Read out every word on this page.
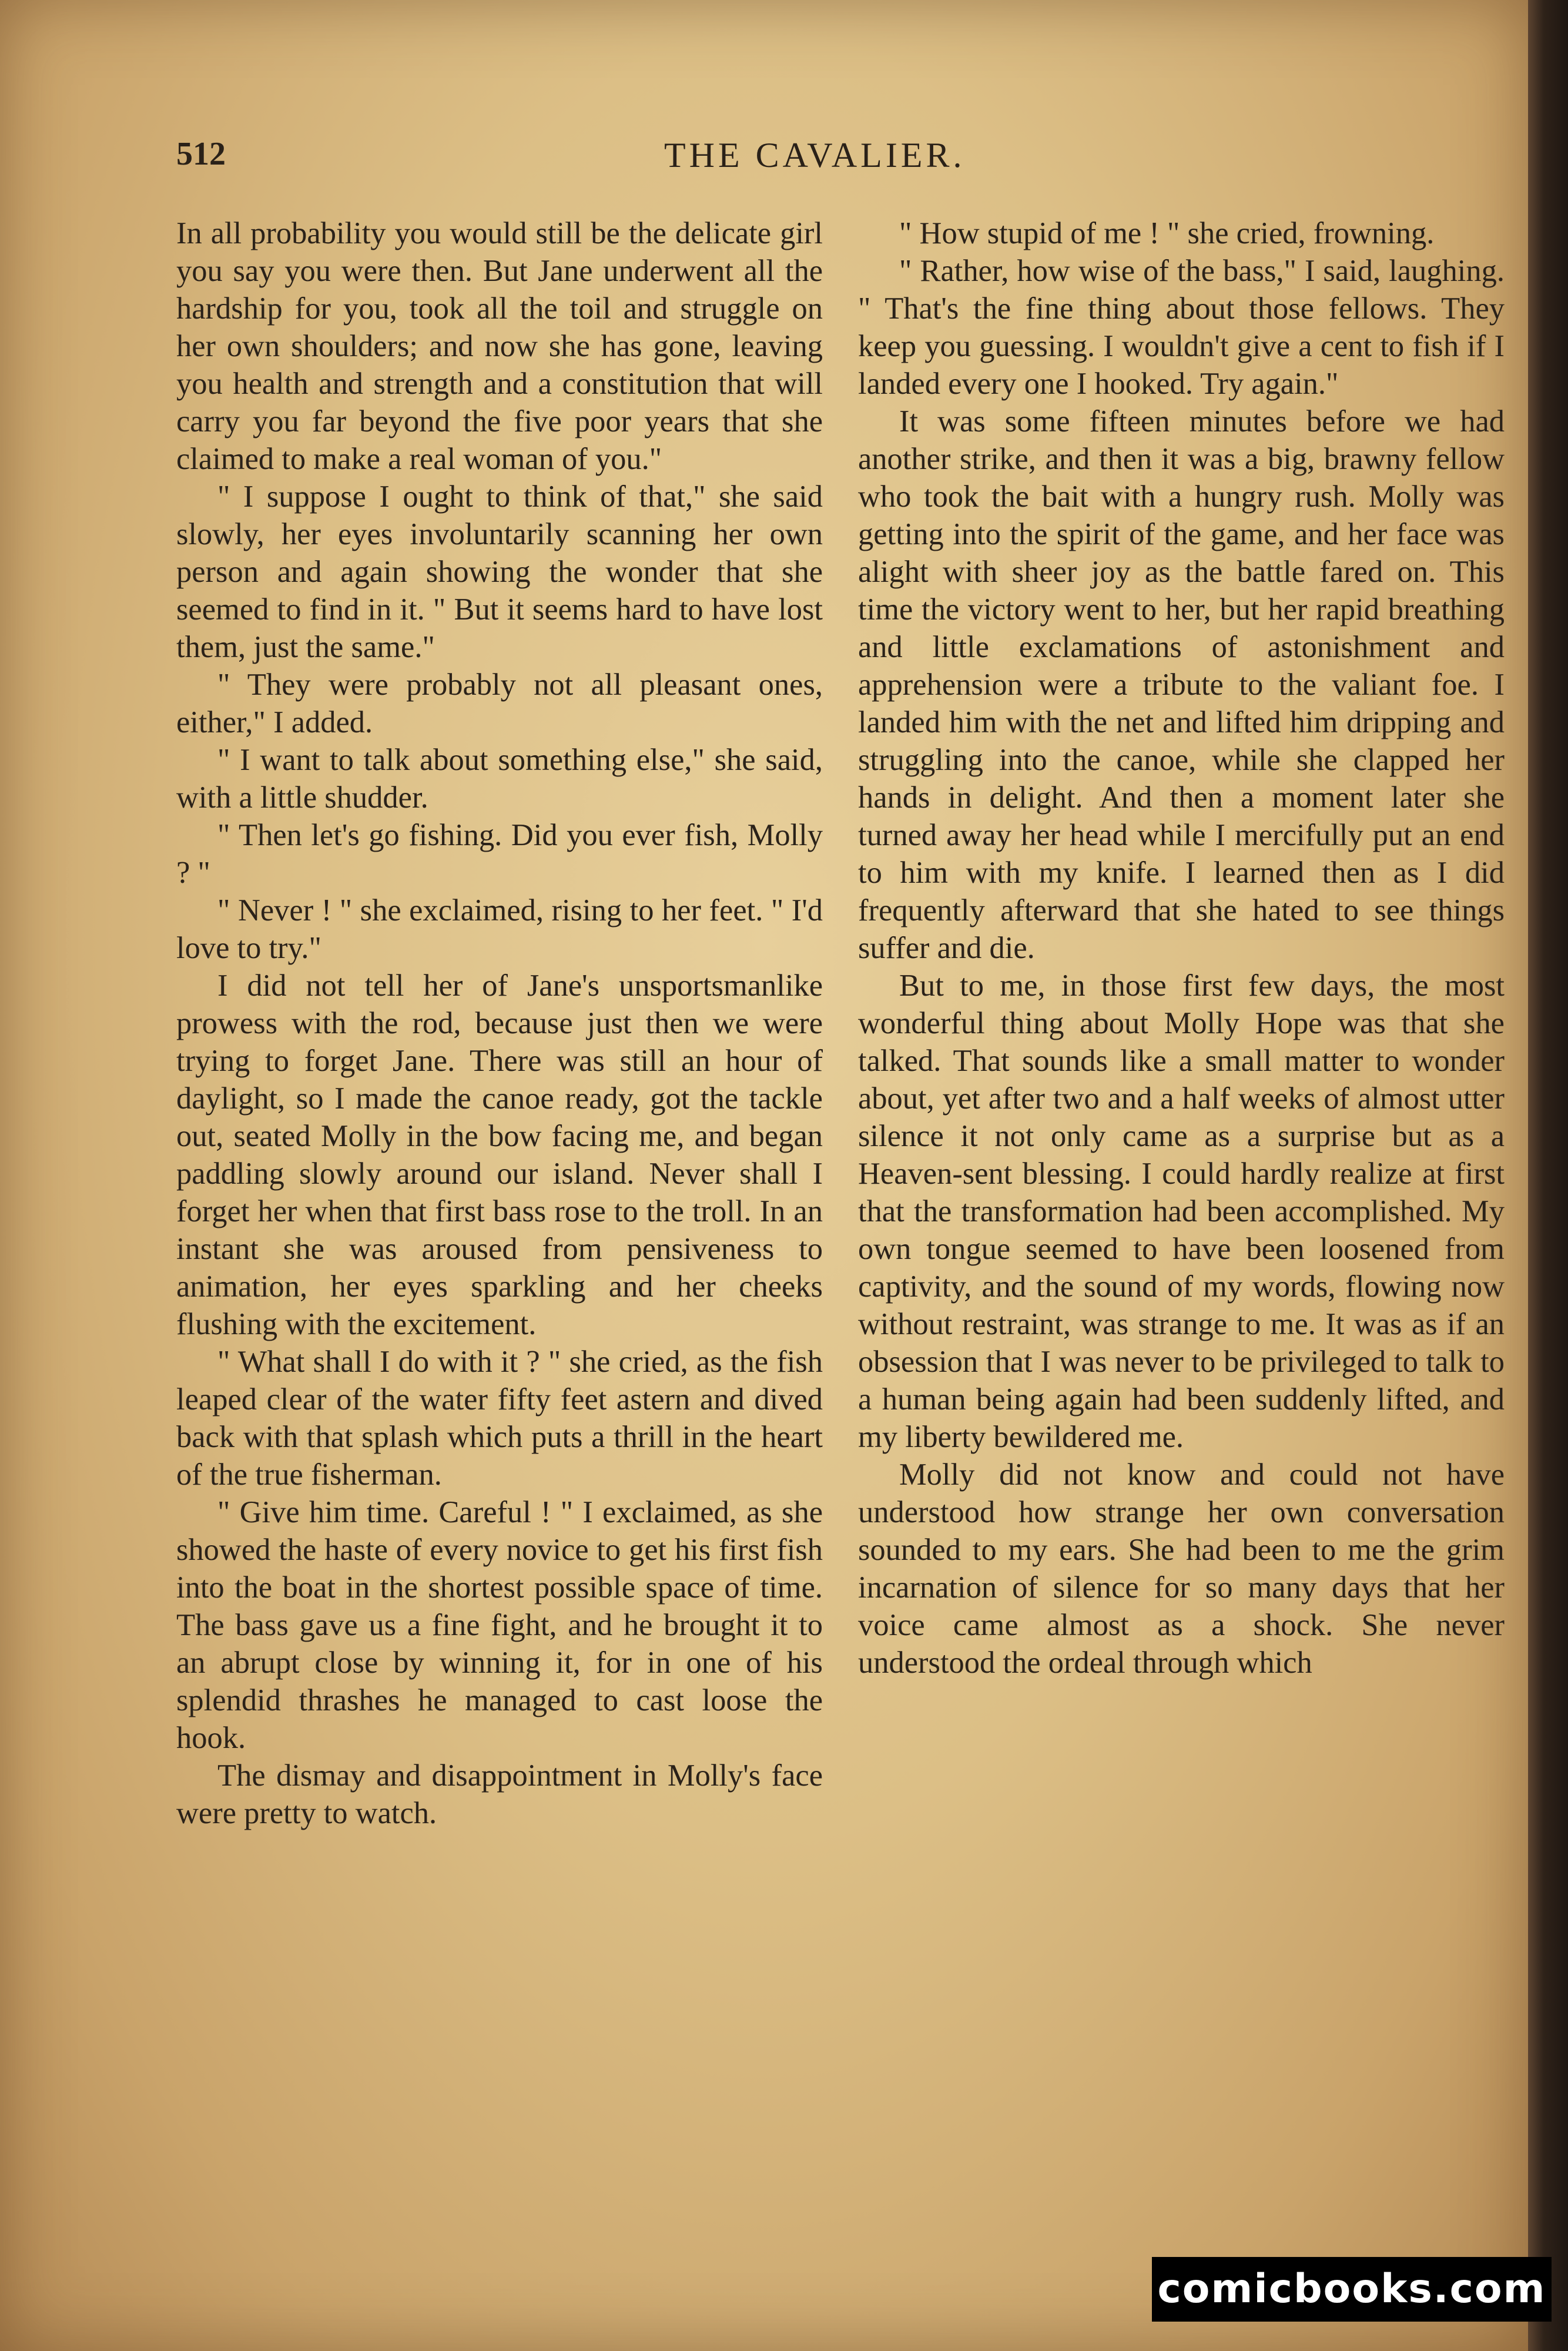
512	THE CAVALIER.

In all probability you would still be the delicate girl you say you were then. But Jane underwent all the hardship for you, took all the toil and struggle on her own shoulders; and now she has gone, leaving you health and strength and a constitution that will carry you far beyond the five poor years that she claimed to make a real woman of you."

" I suppose I ought to think of that," she said slowly, her eyes involuntarily scanning her own person and again showing the wonder that she seemed to find in it. " But it seems hard to have lost them, just the same."

" They were probably not all pleasant ones, either," I added.

" I want to talk about something else," she said, with a little shudder.

" Then let's go fishing. Did you ever fish, Molly ? "

" Never ! " she exclaimed, rising to her feet. " I'd love to try."

I did not tell her of Jane's unsportsmanlike prowess with the rod, because just then we were trying to forget Jane. There was still an hour of daylight, so I made the canoe ready, got the tackle out, seated Molly in the bow facing me, and began paddling slowly around our island. Never shall I forget her when that first bass rose to the troll. In an instant she was aroused from pensiveness to animation, her eyes sparkling and her cheeks flushing with the excitement.

" What shall I do with it ? " she cried, as the fish leaped clear of the water fifty feet astern and dived back with that splash which puts a thrill in the heart of the true fisherman.

" Give him time. Careful ! " I exclaimed, as she showed the haste of every novice to get his first fish into the boat in the shortest possible space of time. The bass gave us a fine fight, and he brought it to an abrupt close by winning it, for in one of his splendid thrashes he managed to cast loose the hook.

The dismay and disappointment in Molly's face were pretty to watch.

" How stupid of me ! " she cried, frowning.

" Rather, how wise of the bass," I said, laughing. " That's the fine thing about those fellows. They keep you guessing. I wouldn't give a cent to fish if I landed every one I hooked. Try again."

It was some fifteen minutes before we had another strike, and then it was a big, brawny fellow who took the bait with a hungry rush. Molly was getting into the spirit of the game, and her face was alight with sheer joy as the battle fared on. This time the victory went to her, but her rapid breathing and little exclamations of astonishment and apprehension were a tribute to the valiant foe. I landed him with the net and lifted him dripping and struggling into the canoe, while she clapped her hands in delight. And then a moment later she turned away her head while I mercifully put an end to him with my knife. I learned then as I did frequently afterward that she hated to see things suffer and die.

But to me, in those first few days, the most wonderful thing about Molly Hope was that she talked. That sounds like a small matter to wonder about, yet after two and a half weeks of almost utter silence it not only came as a surprise but as a Heaven-sent blessing. I could hardly realize at first that the transformation had been accomplished. My own tongue seemed to have been loosened from captivity, and the sound of my words, flowing now without restraint, was strange to me. It was as if an obsession that I was never to be privileged to talk to a human being again had been suddenly lifted, and my liberty bewildered me.

Molly did not know and could not have understood how strange her own conversation sounded to my ears. She had been to me the grim incarnation of silence for so many days that her voice came almost as a shock. She never understood the ordeal through which

comicbooks.com
